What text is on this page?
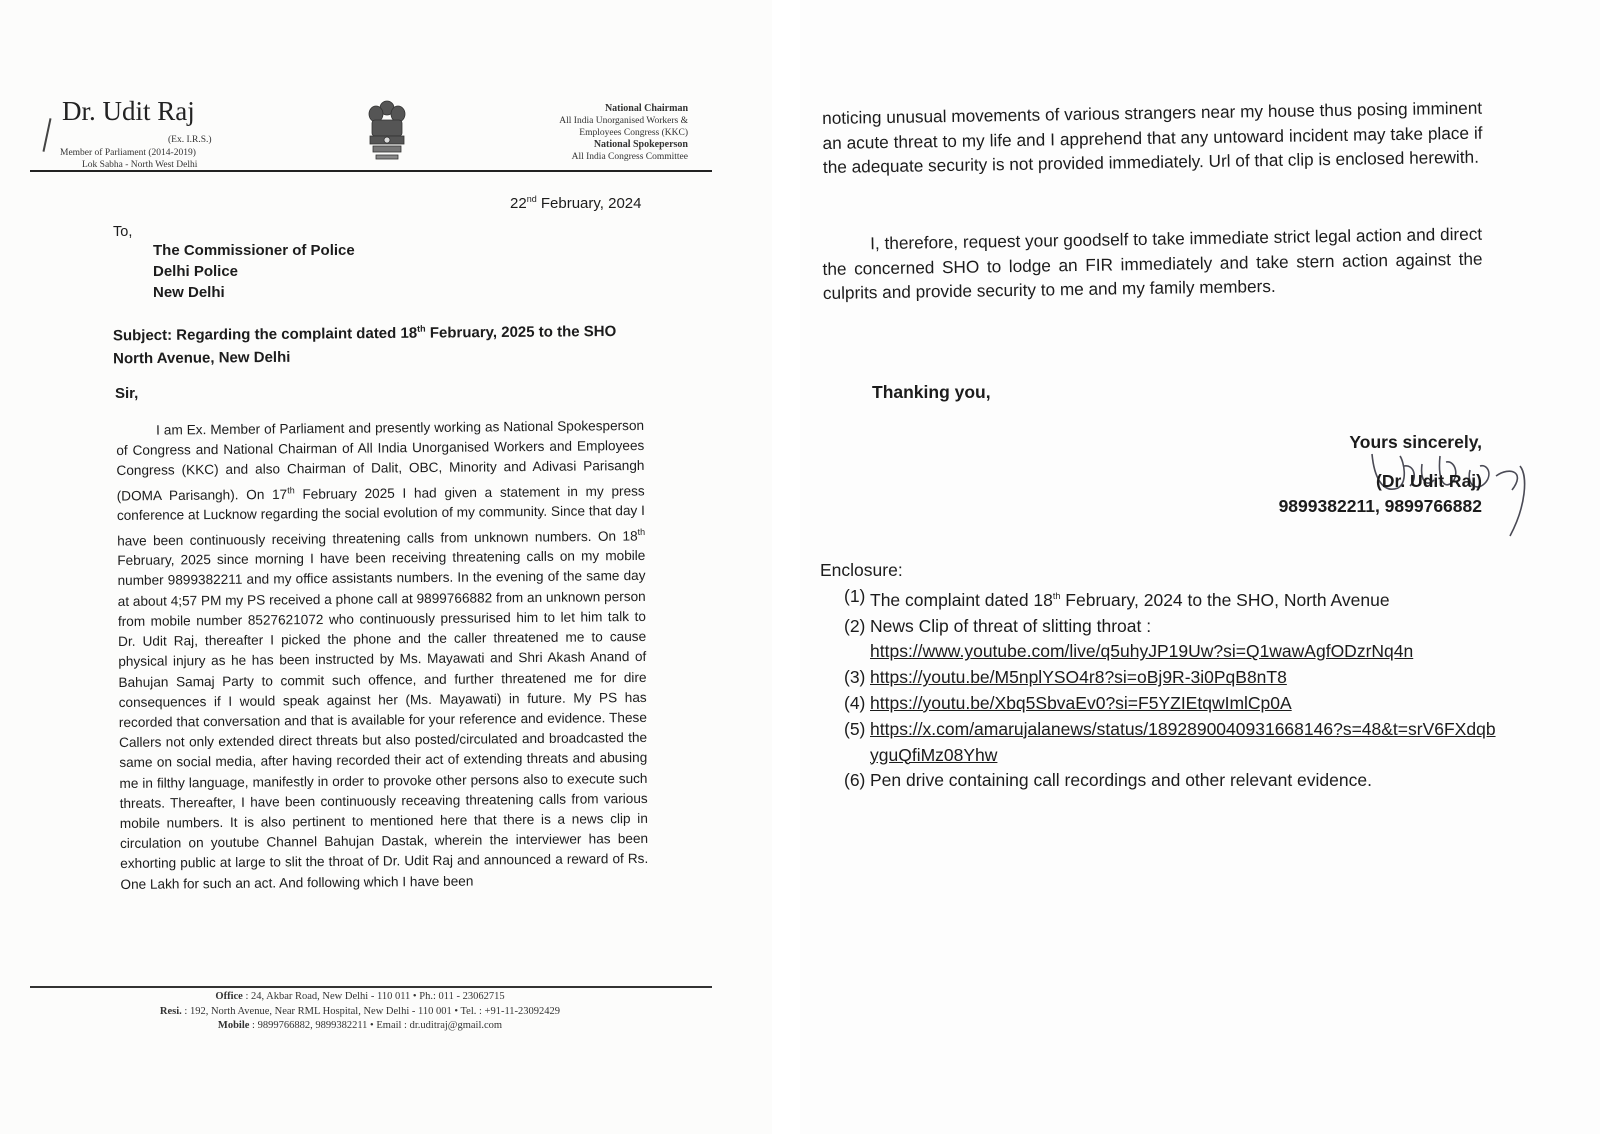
Dr. Udit Raj
(Ex. I.R.S.)
Member of Parliament (2014-2019)
Lok Sabha - North West Delhi
National Chairman
All India Unorganised Workers &
Employees Congress (KKC)
National Spokeperson
All India Congress Committee
22nd February, 2024
To,
The Commissioner of Police
Delhi Police
New Delhi
Subject: Regarding the complaint dated 18th February, 2025 to the SHO North Avenue, New Delhi
Sir,
I am Ex. Member of Parliament and presently working as National Spokesperson of Congress and National Chairman of All India Unorganised Workers and Employees Congress (KKC) and also Chairman of Dalit, OBC, Minority and Adivasi Parisangh (DOMA Parisangh). On 17th February 2025 I had given a statement in my press conference at Lucknow regarding the social evolution of my community. Since that day I have been continuously receiving threatening calls from unknown numbers. On 18th February, 2025 since morning I have been receiving threatening calls on my mobile number 9899382211 and my office assistants numbers. In the evening of the same day at about 4;57 PM my PS received a phone call at 9899766882 from an unknown person from mobile number 8527621072 who continuously pressurised him to let him talk to Dr. Udit Raj, thereafter I picked the phone and the caller threatened me to cause physical injury as he has been instructed by Ms. Mayawati and Shri Akash Anand of Bahujan Samaj Party to commit such offence, and further threatened me for dire consequences if I would speak against her (Ms. Mayawati) in future. My PS has recorded that conversation and that is available for your reference and evidence. These Callers not only extended direct threats but also posted/circulated and broadcasted the same on social media, after having recorded their act of extending threats and abusing me in filthy language, manifestly in order to provoke other persons also to execute such threats. Thereafter, I have been continuously receaving threatening calls from various mobile numbers. It is also pertinent to mentioned here that there is a news clip in circulation on youtube Channel Bahujan Dastak, wherein the interviewer has been exhorting public at large to slit the throat of Dr. Udit Raj and announced a reward of Rs. One Lakh for such an act. And following which I have been
Office : 24, Akbar Road, New Delhi - 110 011 • Ph.: 011 - 23062715
Resi. : 192, North Avenue, Near RML Hospital, New Delhi - 110 001 • Tel. : +91-11-23092429
Mobile : 9899766882, 9899382211 • Email : dr.uditraj@gmail.com
noticing unusual movements of various strangers near my house thus posing imminent an acute threat to my life and I apprehend that any untoward incident may take place if the adequate security is not provided immediately. Url of that clip is enclosed herewith.
I, therefore, request your goodself to take immediate strict legal action and direct the concerned SHO to lodge an FIR immediately and take stern action against the culprits and provide security to me and my family members.
Thanking you,
Yours sincerely,
(Dr. Udit Raj)
9899382211, 9899766882
Enclosure:
(1) The complaint dated 18th February, 2024 to the SHO, North Avenue
(2) News Clip of threat of slitting throat :
https://www.youtube.com/live/q5uhyJP19Uw?si=Q1wawAgfODzrNq4n
(3) https://youtu.be/M5nplYSO4r8?si=oBj9R-3i0PqB8nT8
(4) https://youtu.be/Xbq5SbvaEv0?si=F5YZIEtqwImlCp0A
(5) https://x.com/amarujalanews/status/1892890040931668146?s=48&t=srV6FXdqbyguQfiMz08Yhw
(6) Pen drive containing call recordings and other relevant evidence.
